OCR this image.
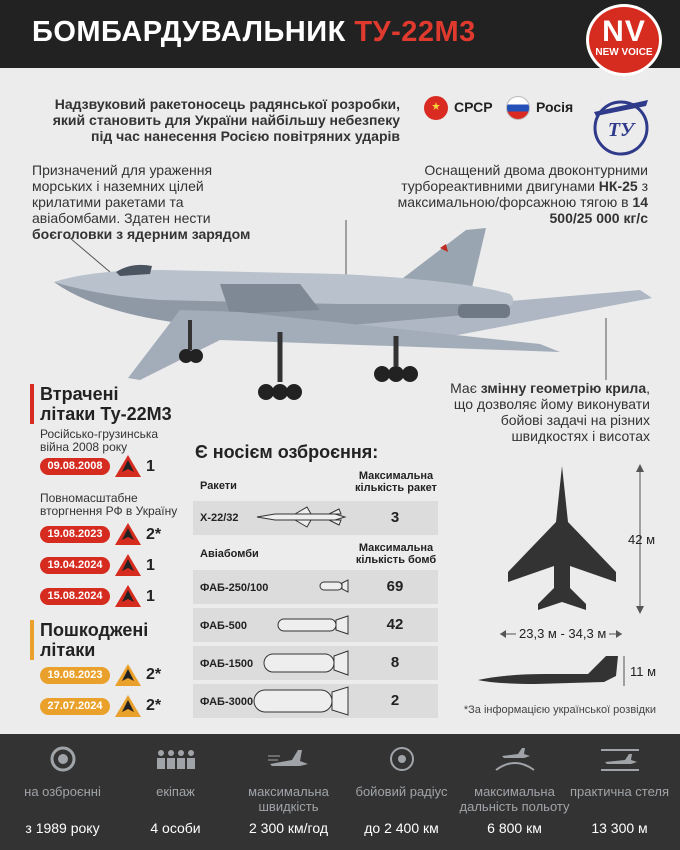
БОМБАРДУВАЛЬНИК ТУ-22М3	NV
NEW VOICE
Надзвуковий ракетоносець радянської розробки, який становить для України найбільшу небезпеку під час нанесення Росією повітряних ударів
СРСР	Росія
ТУ
Призначений для ураження морських і наземних цілей крилатими ракетами та авіабомбами. Здатен нести боєголовки з ядерним зарядом
Оснащений двома двоконтурними турбореактивними двигунами НК-25 з максимальною/форсажною тягою в 14 500/25 000 кг/с
Має змінну геометрію крила, що дозволяє йому виконувати бойові задачі на різних швидкостях і висотах
Втрачені
літаки Ту-22М3
Російсько-грузинська
війна 2008 року
09.08.2008	1
Повномасштабне
вторгнення РФ в Україну
19.08.2023	2*
19.04.2024	1
15.08.2024	1
Пошкоджені
літаки
19.08.2023	2*
27.07.2024	2*
Є носієм озброєння:
Ракети
Максимальна
кількість ракет
Х-22/32	3
Авіабомби	Максимальна
кількість бомб
ФАБ-250/100	69
ФАБ-500	42
ФАБ-1500	8
ФАБ-3000	2
42 м
23,3 м - 34,3 м
11 м
*За інформацією української розвідки
на озброєнні
з 1989 року
екіпаж
4 особи
максимальна швидкість
2 300 км/год
бойовий радіус
до 2 400 км
максимальна дальність польоту
6 800 км
практична стеля
13 300 м
